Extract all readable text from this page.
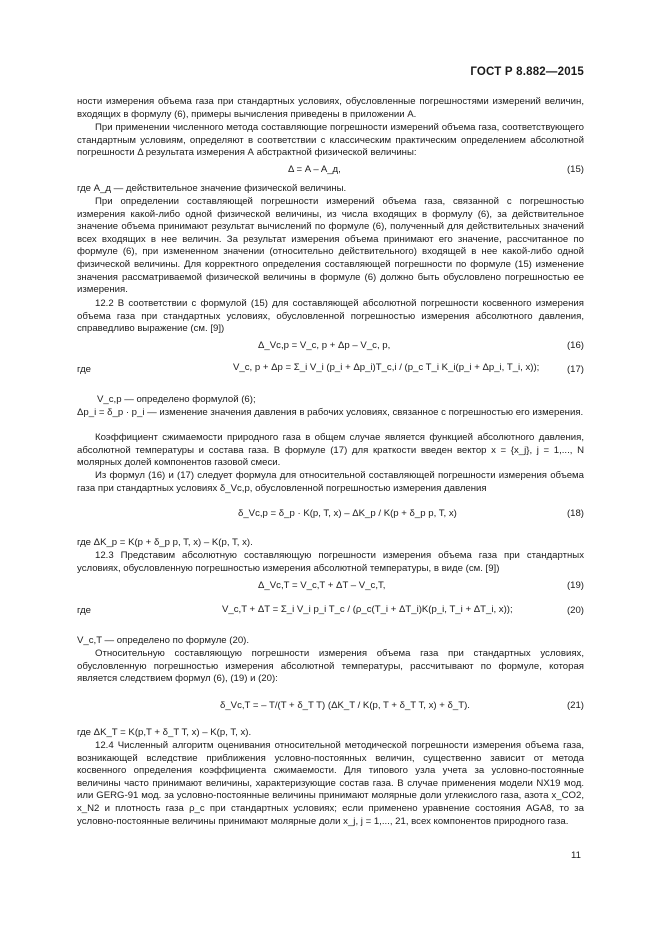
ГОСТ Р 8.882—2015

ности измерения объема газа при стандартных условиях, обусловленные погрешностями измерений величин, входящих в формулу (6), примеры вычисления приведены в приложении А.

При применении численного метода составляющие погрешности измерений объема газа, соответствующего стандартным условиям, определяют в соответствии с классическим практическим определением абсолютной погрешности Δ результата измерения А абстрактной физической величины:

Δ = A – A_д,	(15)

где А_д — действительное значение физической величины.

При определении составляющей погрешности измерений объема газа, связанной с погрешностью измерения какой-либо одной физической величины, из числа входящих в формулу (6), за действительное значение объема принимают результат вычислений по формуле (6), полученный для действительных значений всех входящих в нее величин. За результат измерения объема принимают его значение, рассчитанное по формуле (6), при измененном значении (относительно действительного) входящей в нее какой-либо одной физической величины. Для корректного определения составляющей погрешности по формуле (15) изменение значения рассматриваемой физической величины в формуле (6) должно быть обусловлено погрешностью ее измерения.

12.2 В соответствии с формулой (15) для составляющей абсолютной погрешности косвенного измерения объема газа при стандартных условиях, обусловленной погрешностью измерения абсолютного давления, справедливо выражение (см. [9])

Δ_Vc,p = V_c, p + Δp – V_c, p,	(16)
где	V_c, p + Δp = Σ_i V_i (p_i + Δp_i)T_c,i / (p_c T_i K_i(p_i + Δp_i, T_i, x));	(17)

V_c,p — определено формулой (6);

Δp_i = δ_p · p_i — изменение значения давления в рабочих условиях, связанное с погрешностью его измерения.

Коэффициент сжимаемости природного газа в общем случае является функцией абсолютного давления, абсолютной температуры и состава газа. В формуле (17) для краткости введен вектор x = {x_j}, j = 1,..., N молярных долей компонентов газовой смеси.

Из формул (16) и (17) следует формула для относительной составляющей погрешности измерения объема газа при стандартных условиях δ_Vc,p, обусловленной погрешностью измерения давления

δ_Vc,p = δ_p · K(p, T, x) – ΔK_p / K(p + δ_p p, T, x)	(18)

где ΔK_p = K(p + δ_p p, T, x) – K(p, T, x).

12.3 Представим абсолютную составляющую погрешности измерения объема газа при стандартных условиях, обусловленную погрешностью измерения абсолютной температуры, в виде (см. [9])

Δ_Vc,T = V_c,T + ΔT – V_c,T,	(19)
где	V_c,T + ΔT = Σ_i V_i p_i T_c / (ρ_c(T_i + ΔT_i)K(p_i, T_i + ΔT_i, x));	(20)

V_c,T — определено по формуле (20).

Относительную составляющую погрешности измерения объема газа при стандартных условиях, обусловленную погрешностью измерения абсолютной температуры, рассчитывают по формуле, которая является следствием формул (6), (19) и (20):

δ_Vc,T = – T/(T + δ_T T) (ΔK_T / K(p, T + δ_T T, x) + δ_T).	(21)

где ΔK_T = K(p,T + δ_T T, x) – K(p, T, x).

12.4 Численный алгоритм оценивания относительной методической погрешности измерения объема газа, возникающей вследствие приближения условно-постоянных величин, существенно зависит от метода косвенного определения коэффициента сжимаемости. Для типового узла учета за условно-постоянные величины часто принимают величины, характеризующие состав газа. В случае применения модели NX19 мод. или GERG-91 мод. за условно-постоянные величины принимают молярные доли углекислого газа, азота x_CO2, x_N2 и плотность газа ρ_c при стандартных условиях; если применено уравнение состояния AGA8, то за условно-постоянные величины принимают молярные доли x_j, j = 1,..., 21, всех компонентов природного газа.

11
